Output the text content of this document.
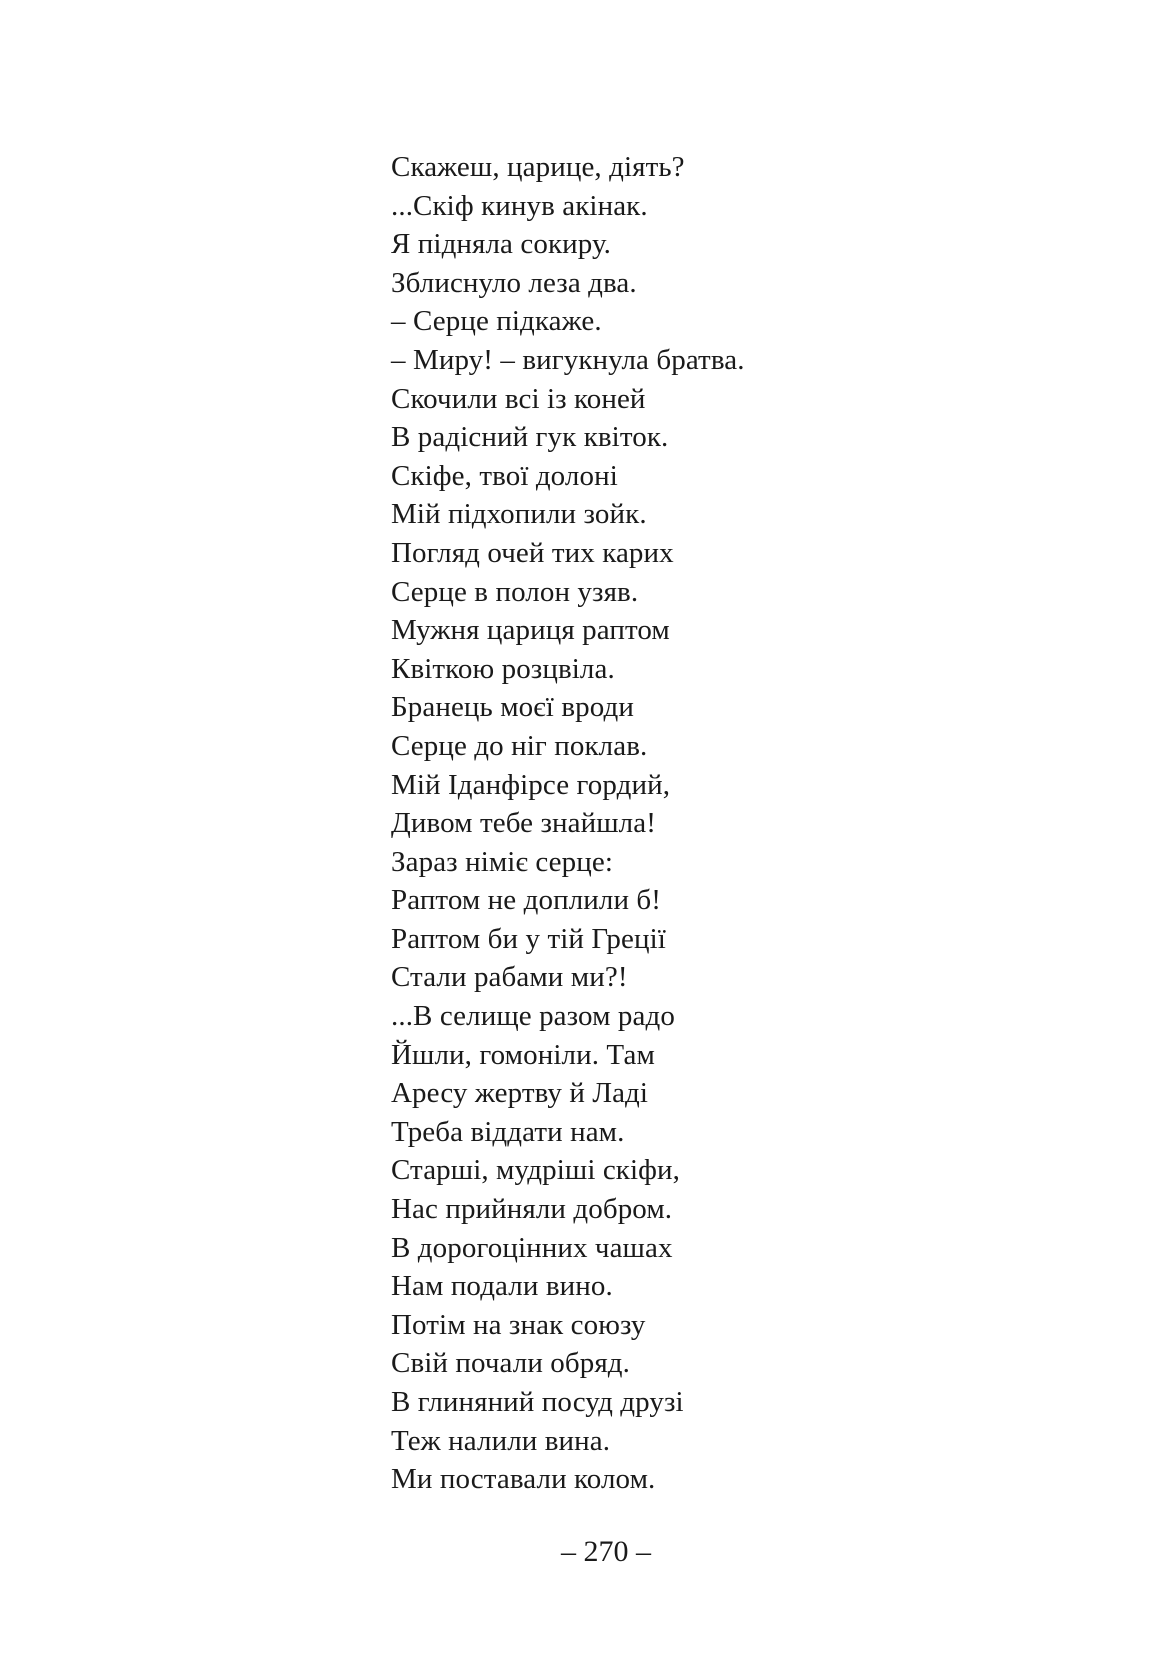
Скажеш, царице, діять?
...Скіф кинув акінак.
Я підняла сокиру.
Зблиснуло леза два.
– Серце підкаже.
– Миру! – вигукнула братва.
Скочили всі із коней
В радісний гук квіток.
Скіфе, твої долоні
Мій підхопили зойк.
Погляд очей тих карих
Серце в полон узяв.
Мужня цариця раптом
Квіткою розцвіла.
Бранець моєї вроди
Серце до ніг поклав.
Мій Іданфірсе гордий,
Дивом тебе знайшла!
Зараз німіє серце:
Раптом не доплили б!
Раптом би у тій Греції
Стали рабами ми?!
...В селище разом радо
Йшли, гомоніли. Там
Аресу жертву й Ладі
Треба віддати нам.
Старші, мудріші скіфи,
Нас прийняли добром.
В дорогоцінних чашах
Нам подали вино.
Потім на знак союзу
Свій почали обряд.
В глиняний посуд друзі
Теж налили вина.
Ми поставали колом.
– 270 –
